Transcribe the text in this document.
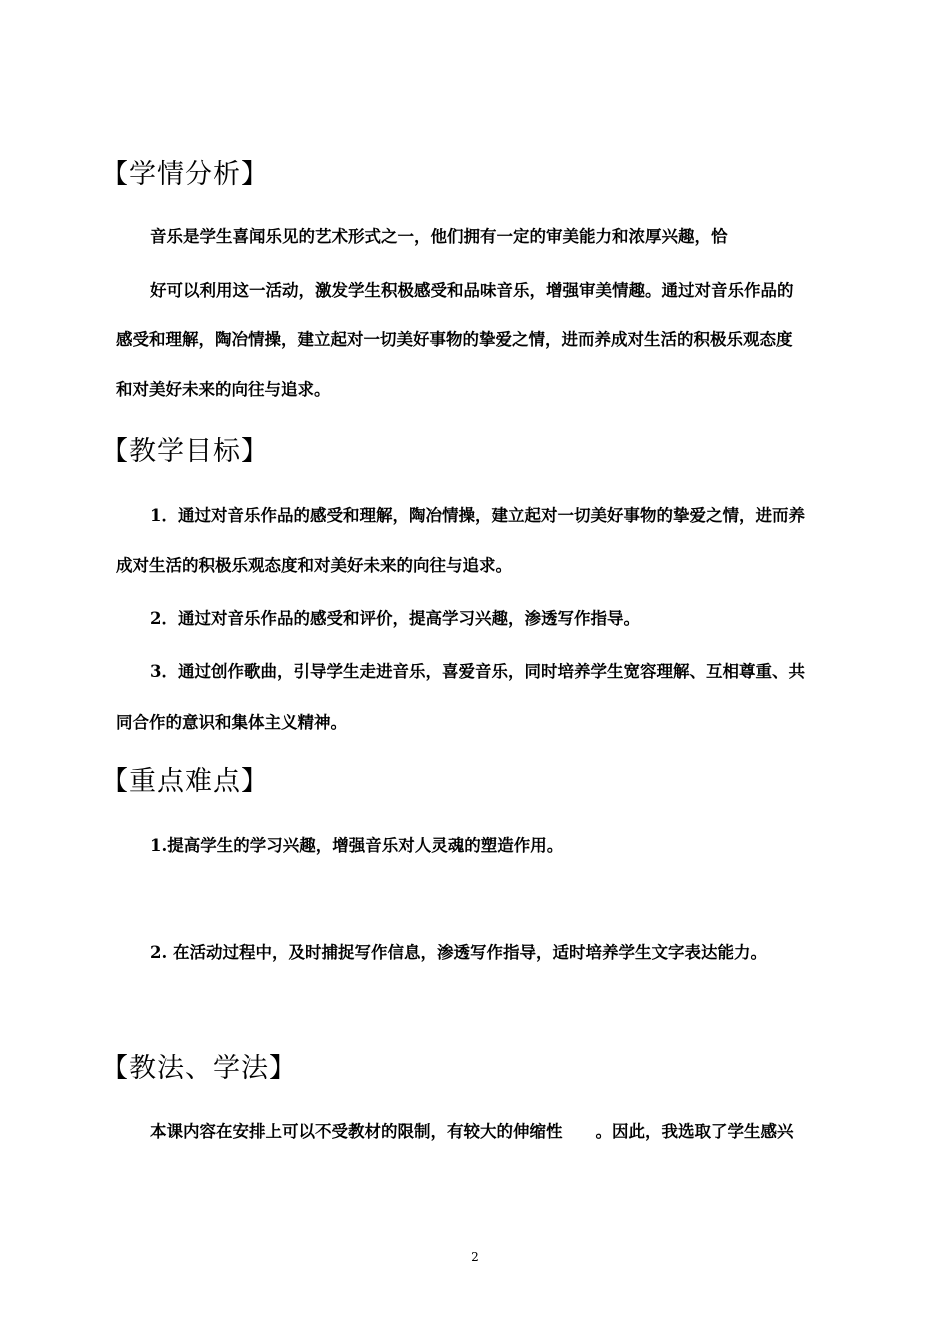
【学情分析】

音乐是学生喜闻乐见的艺术形式之一，他们拥有一定的审美能力和浓厚兴趣，恰

好可以利用这一活动，激发学生积极感受和品味音乐，增强审美情趣。通过对音乐作品的

感受和理解，陶冶情操，建立起对一切美好事物的挚爱之情，进而养成对生活的积极乐观态度

和对美好未来的向往与追求。

【教学目标】

1．通过对音乐作品的感受和理解，陶冶情操，建立起对一切美好事物的挚爱之情，进而养

成对生活的积极乐观态度和对美好未来的向往与追求。

2．通过对音乐作品的感受和评价，提高学习兴趣，渗透写作指导。

3．通过创作歌曲，引导学生走进音乐，喜爱音乐，同时培养学生宽容理解、互相尊重、共

同合作的意识和集体主义精神。

【重点难点】

1.提高学生的学习兴趣，增强音乐对人灵魂的塑造作用。

2. 在活动过程中，及时捕捉写作信息，渗透写作指导，适时培养学生文字表达能力。

【教法、学法】

本课内容在安排上可以不受教材的限制，有较大的伸缩性　　。因此，我选取了学生感兴

2
